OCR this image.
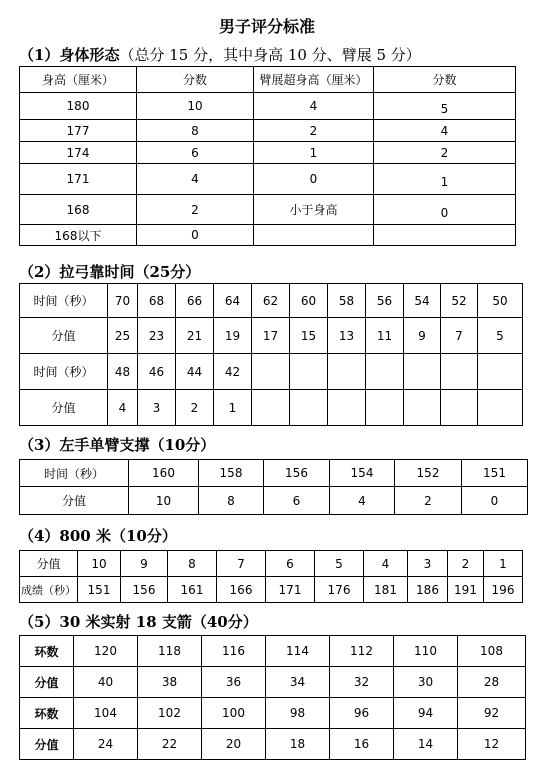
男子评分标准
（1）身体形态（总分 15 分，其中身高 10 分、臂展 5 分）
身高（厘米）	分数	臂展超身高（厘米）	分数
180	10	4	5
177	8	2	4
174	6	1	2
171	4	0	1
168	2	小于身高	0
168以下	0		
（2）拉弓靠时间（25分）
时间（秒）	70	68	66	64	62	60	58	56	54	52	50
分值	25	23	21	19	17	15	13	11	9	7	5
时间（秒）	48	46	44	42							
分值	4	3	2	1							
（3）左手单臂支撑（10分）
时间（秒）	160	158	156	154	152	151
分值	10	8	6	4	2	0
（4）800 米（10分）
分值	10	9	8	7	6	5	4	3	2	1
成绩（秒）	151	156	161	166	171	176	181	186	191	196
（5）30 米实射 18 支箭（40分）
环数	120	118	116	114	112	110	108	
分值	40	38	36	34	32	30	28	
环数	104	102	100	98	96	94	92	
分值	24	22	20	18	16	14	12	
